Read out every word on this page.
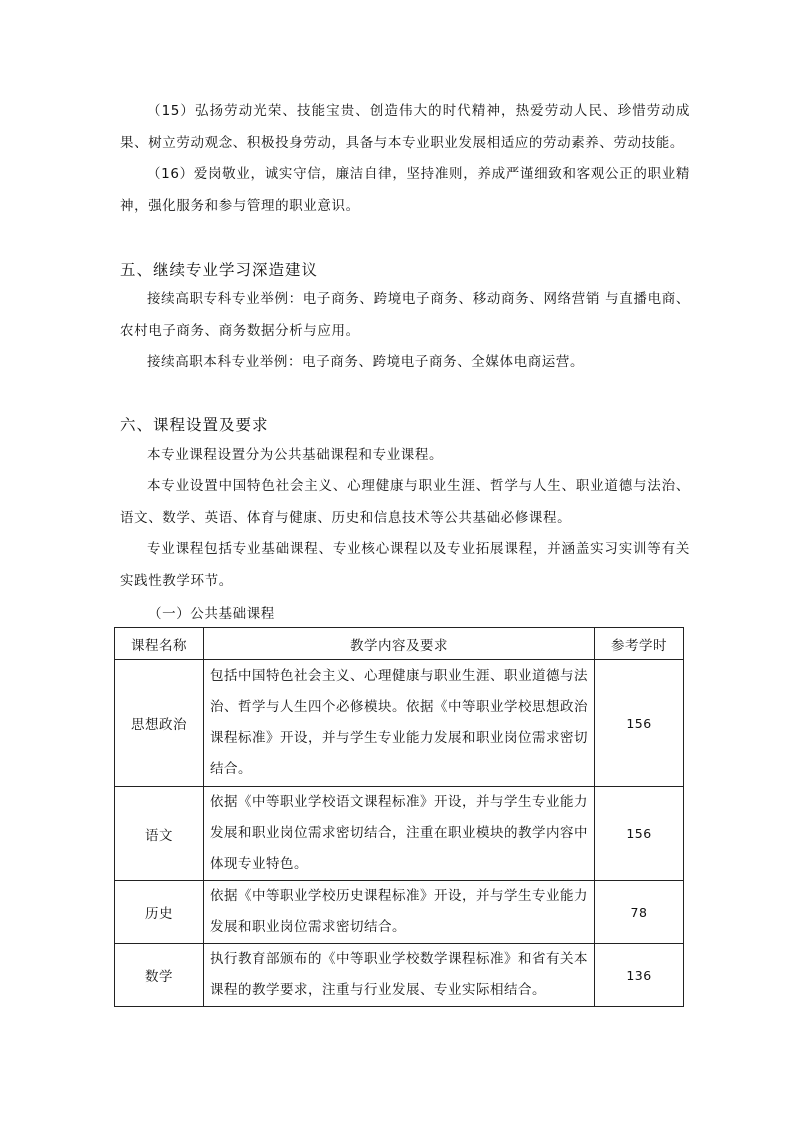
（15）弘扬劳动光荣、技能宝贵、创造伟大的时代精神，热爱劳动人民、珍惜劳动成果、树立劳动观念、积极投身劳动，具备与本专业职业发展相适应的劳动素养、劳动技能。

（16）爱岗敬业，诚实守信，廉洁自律，坚持准则，养成严谨细致和客观公正的职业精神，强化服务和参与管理的职业意识。

五、继续专业学习深造建议

接续高职专科专业举例：电子商务、跨境电子商务、移动商务、网络营销 与直播电商、农村电子商务、商务数据分析与应用。

接续高职本科专业举例：电子商务、跨境电子商务、全媒体电商运营。

六、课程设置及要求

本专业课程设置分为公共基础课程和专业课程。

本专业设置中国特色社会主义、心理健康与职业生涯、哲学与人生、职业道德与法治、语文、数学、英语、体育与健康、历史和信息技术等公共基础必修课程。

专业课程包括专业基础课程、专业核心课程以及专业拓展课程，并涵盖实习实训等有关实践性教学环节。

（一）公共基础课程
课程名称	教学内容及要求	参考学时
思想政治	包括中国特色社会主义、心理健康与职业生涯、职业道德与法治、哲学与人生四个必修模块。依据《中等职业学校思想政治课程标准》开设，并与学生专业能力发展和职业岗位需求密切结合。	156
语文	依据《中等职业学校语文课程标准》开设，并与学生专业能力发展和职业岗位需求密切结合，注重在职业模块的教学内容中体现专业特色。	156
历史	依据《中等职业学校历史课程标准》开设，并与学生专业能力发展和职业岗位需求密切结合。	78
数学	执行教育部颁布的《中等职业学校数学课程标准》和省有关本课程的教学要求，注重与行业发展、专业实际相结合。	136
